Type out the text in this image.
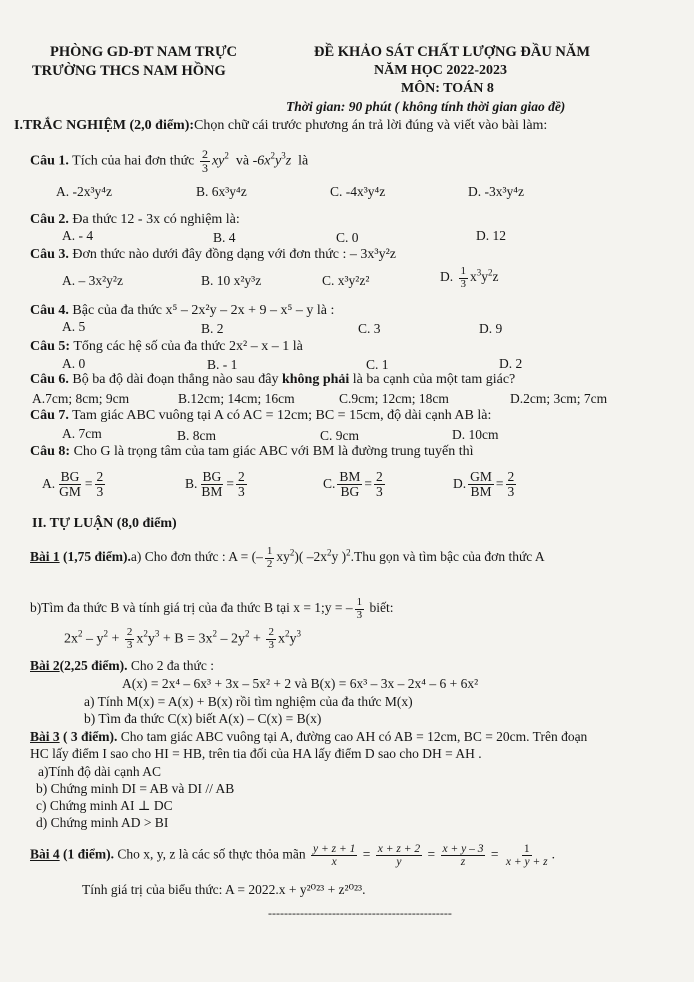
PHÒNG GD-ĐT NAM TRỰC
TRƯỜNG THCS NAM HỒNG
ĐỀ KHẢO SÁT CHẤT LƯỢNG ĐẦU NĂM
NĂM HỌC 2022-2023
MÔN: TOÁN 8
Thời gian: 90 phút ( không tính thời gian giao đề)
I.TRẮC NGHIỆM (2,0 điểm):Chọn chữ cái trước phương án trả lời đúng và viết vào bài làm:
Câu 1. Tích của hai đơn thức $\frac{2}{3} xy^2$ và $-6x^2y^3z$ là
A. -2x³y⁴z	B. 6x³y⁴z	C. -4x³y⁴z	D. -3x³y⁴z
Câu 2. Đa thức 12 - 3x có nghiệm là:
A. - 4	B. 4	C. 0	D. 12
Câu 3. Đơn thức nào dưới đây đồng dạng với đơn thức : – 3x³y²z
A. – 3x²y²z	B. 10 x²y³z	C. x³y²z²	D. $\frac{1}{3} x^3y^2z$
Câu 4. Bậc của đa thức x⁵ – 2x²y – 2x + 9 – x⁵ – y là :
A. 5	B. 2	C. 3	D. 9
Câu 5: Tổng các hệ số của đa thức 2x² – x – 1 là
A. 0	B. - 1	C. 1	D. 2
Câu 6. Bộ ba độ dài đoạn thẳng nào sau đây không phải là ba cạnh của một tam giác?
A.7cm; 8cm; 9cm	B.12cm; 14cm; 16cm	C.9cm; 12cm; 18cm	D.2cm; 3cm; 7cm
Câu 7. Tam giác ABC vuông tại A có AC = 12cm; BC = 15cm, độ dài cạnh AB là:
A. 7cm	B. 8cm	C. 9cm	D. 10cm
Câu 8: Cho G là trọng tâm của tam giác ABC với BM là đường trung tuyến thì
A. $\frac{BG}{GM} = \frac{2}{3}$	B. $\frac{BG}{BM} = \frac{2}{3}$	C. $\frac{BM}{BG} = \frac{2}{3}$	D. $\frac{GM}{BM} = \frac{2}{3}$
II. TỰ LUẬN (8,0 điểm)
Bài 1 (1,75 điểm).a) Cho đơn thức : A = (– $\frac{1}{2} xy^2$)( $-2x^2y$ )$^2$.Thu gọn và tìm bậc của đơn thức A
b)Tìm đa thức B và tính giá trị của đa thức B tại x = 1;y = – $\frac{1}{3}$ biết:
$2x^2 - y^2 + \frac{2}{3} x^2y^3 + B = 3x^2 - 2y^2 + \frac{2}{3} x^2y^3$
Bài 2(2,25 điểm). Cho 2 đa thức :
A(x) = 2x⁴ – 6x³ + 3x – 5x² + 2 và B(x) = 6x³ – 3x – 2x⁴ – 6 + 6x²
a) Tính M(x) = A(x) + B(x) rồi tìm nghiệm của đa thức M(x)
b) Tìm đa thức C(x) biết A(x) – C(x) = B(x)
Bài 3 ( 3 điểm). Cho tam giác ABC vuông tại A, đường cao AH có AB = 12cm, BC = 20cm. Trên đoạn
HC lấy điểm I sao cho HI = HB, trên tia đối của HA lấy điểm D sao cho DH = AH .
a)Tính độ dài cạnh AC
b) Chứng minh DI = AB và DI // AB
c) Chứng minh AI ⊥ DC
d) Chứng minh AD > BI
Bài 4 (1 điểm). Cho x, y, z là các số thực thỏa mãn $\frac{y + z + 1}{x} = \frac{x + z + 2}{y} = \frac{x + y - 3}{z} = \frac{1}{x + y + z}$ .
Tính giá trị của biểu thức: A = 2022.x + y²⁰²³ + z²⁰²³.
----------------------------------------------
